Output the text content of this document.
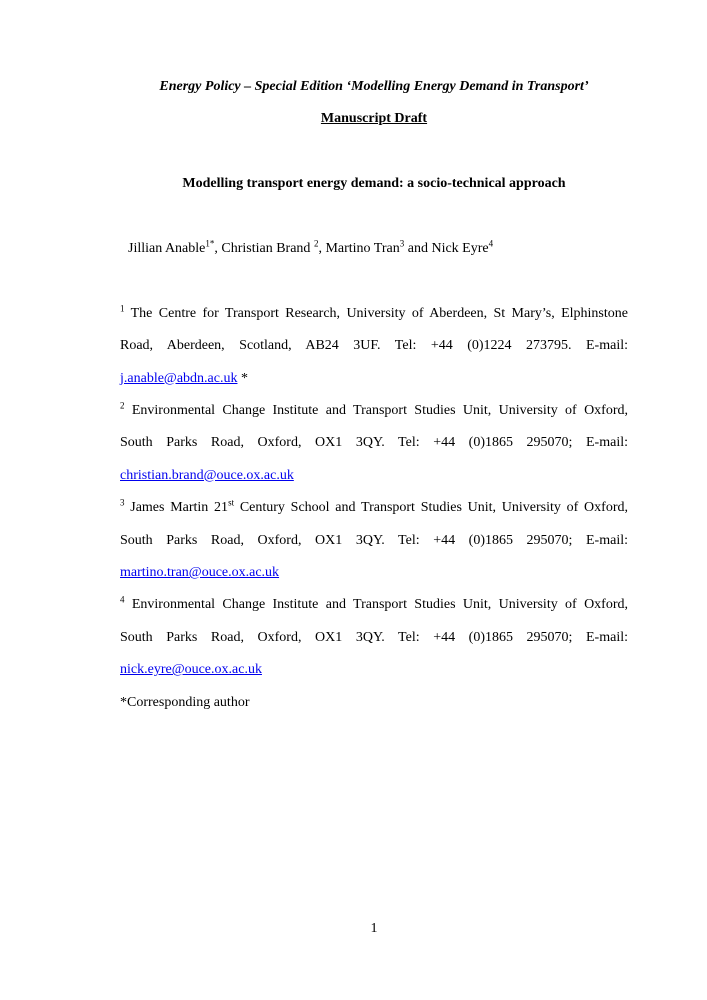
Energy Policy – Special Edition ‘Modelling Energy Demand in Transport’
Manuscript Draft
Modelling transport energy demand: a socio-technical approach
Jillian Anable$^{1*}$, Christian Brand $^2$, Martino Tran$^3$ and Nick Eyre$^4$
$^1$ The Centre for Transport Research, University of Aberdeen, St Mary’s, Elphinstone
Road, Aberdeen, Scotland, AB24 3UF. Tel: +44 (0)1224 273795. E-mail:
j.anable@abdn.ac.uk *
$^2$ Environmental Change Institute and Transport Studies Unit, University of Oxford,
South Parks Road, Oxford, OX1 3QY. Tel: +44 (0)1865 295070; E-mail:
christian.brand@ouce.ox.ac.uk
$^3$ James Martin 21st Century School and Transport Studies Unit, University of Oxford,
South Parks Road, Oxford, OX1 3QY. Tel: +44 (0)1865 295070; E-mail:
martino.tran@ouce.ox.ac.uk
$^4$ Environmental Change Institute and Transport Studies Unit, University of Oxford,
South Parks Road, Oxford, OX1 3QY. Tel: +44 (0)1865 295070; E-mail:
nick.eyre@ouce.ox.ac.uk
*Corresponding author
1
